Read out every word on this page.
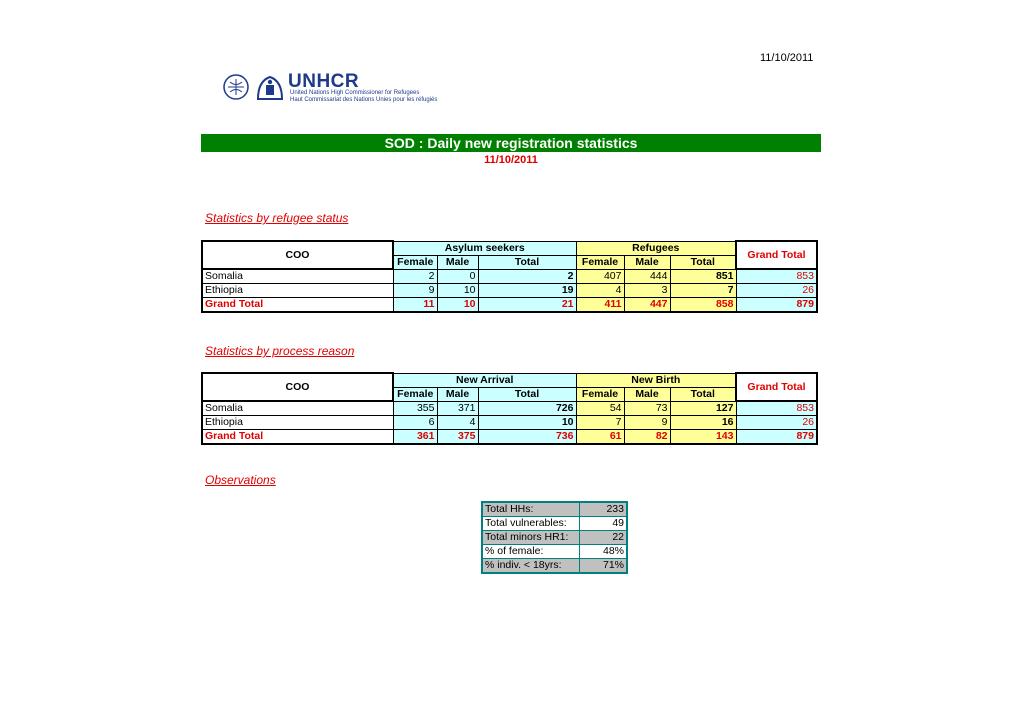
11/10/2011
UNHCR
United Nations High Commissioner for Refugees
Haut Commissariat des Nations Unies pour les réfugiés
SOD : Daily new registration statistics
11/10/2011
Statistics by refugee status
COO	Asylum seekers			Refugees			Grand Total
	Female	Male	Total	Female	Male	Total	
Somalia	2	0	2	407	444	851	853
Ethiopia	9	10	19	4	3	7	26
Grand Total	11	10	21	411	447	858	879
Statistics by process reason
COO	New Arrival			New Birth			Grand Total
	Female	Male	Total	Female	Male	Total	
Somalia	355	371	726	54	73	127	853
Ethiopia	6	4	10	7	9	16	26
Grand Total	361	375	736	61	82	143	879
Observations
Total HHs:	233
Total vulnerables:	49
Total minors HR1:	22
% of female:	48%
% indiv. < 18yrs:	71%
